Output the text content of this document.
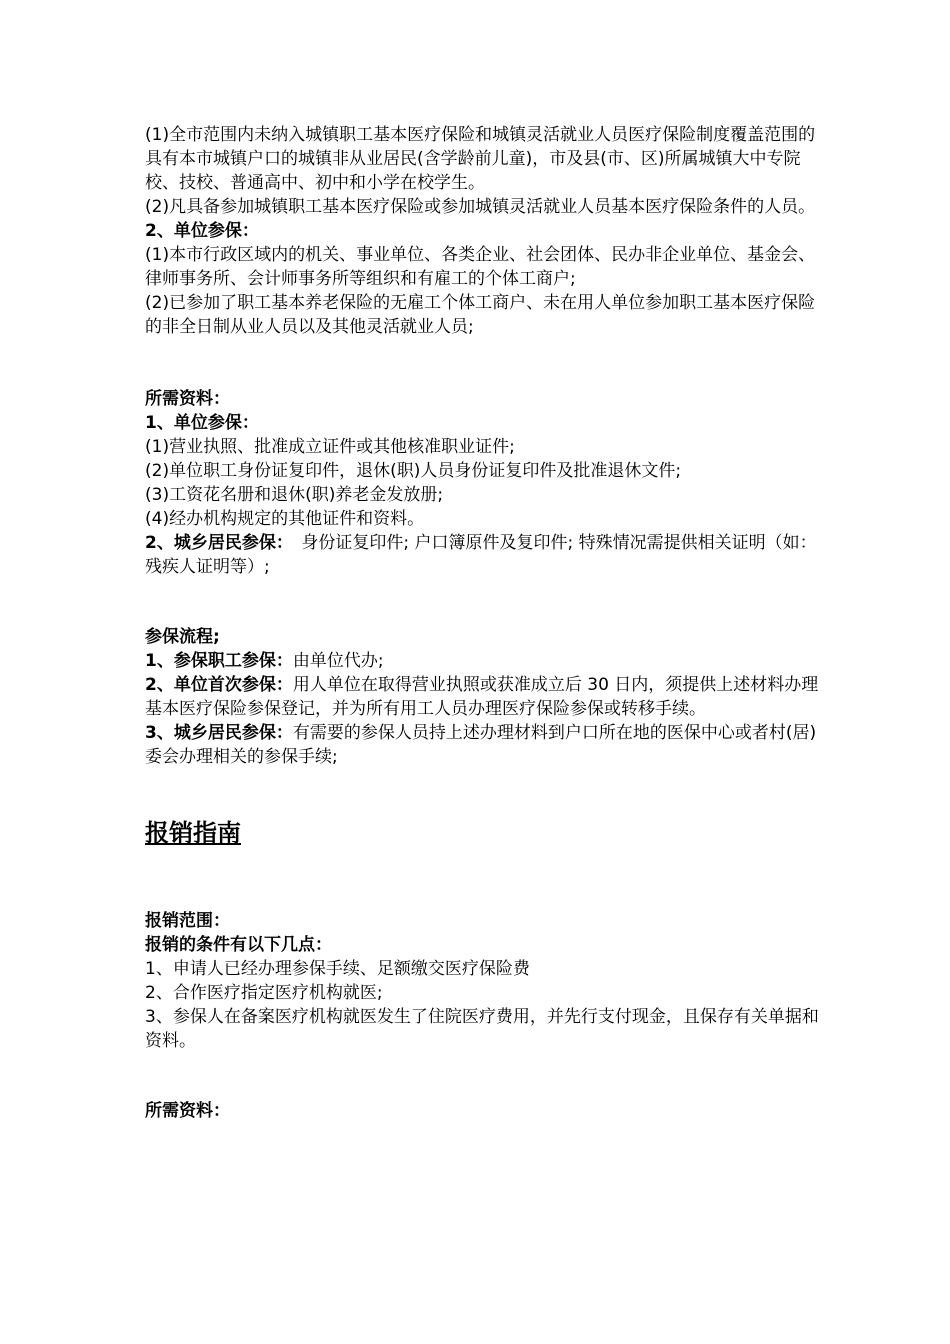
(1)全市范围内未纳入城镇职工基本医疗保险和城镇灵活就业人员医疗保险制度覆盖范围的具有本市城镇户口的城镇非从业居民(含学龄前儿童)，市及县(市、区)所属城镇大中专院校、技校、普通高中、初中和小学在校学生。

(2)凡具备参加城镇职工基本医疗保险或参加城镇灵活就业人员基本医疗保险条件的人员。

2、单位参保：

(1)本市行政区域内的机关、事业单位、各类企业、社会团体、民办非企业单位、基金会、律师事务所、会计师事务所等组织和有雇工的个体工商户;

(2)已参加了职工基本养老保险的无雇工个体工商户、未在用人单位参加职工基本医疗保险的非全日制从业人员以及其他灵活就业人员;

所需资料：

1、单位参保：

(1)营业执照、批准成立证件或其他核准职业证件;

(2)单位职工身份证复印件，退休(职)人员身份证复印件及批准退休文件;

(3)工资花名册和退休(职)养老金发放册;

(4)经办机构规定的其他证件和资料。

2、城乡居民参保：　身份证复印件; 户口簿原件及复印件; 特殊情况需提供相关证明（如：残疾人证明等）;

参保流程;

1、参保职工参保：由单位代办;

2、单位首次参保：用人单位在取得营业执照或获准成立后 30 日内，须提供上述材料办理基本医疗保险参保登记，并为所有用工人员办理医疗保险参保或转移手续。

3、城乡居民参保：有需要的参保人员持上述办理材料到户口所在地的医保中心或者村(居)委会办理相关的参保手续;

报销指南

报销范围：

报销的条件有以下几点：

1、申请人已经办理参保手续、足额缴交医疗保险费

2、合作医疗指定医疗机构就医;

3、参保人在备案医疗机构就医发生了住院医疗费用，并先行支付现金，且保存有关单据和资料。

所需资料：
